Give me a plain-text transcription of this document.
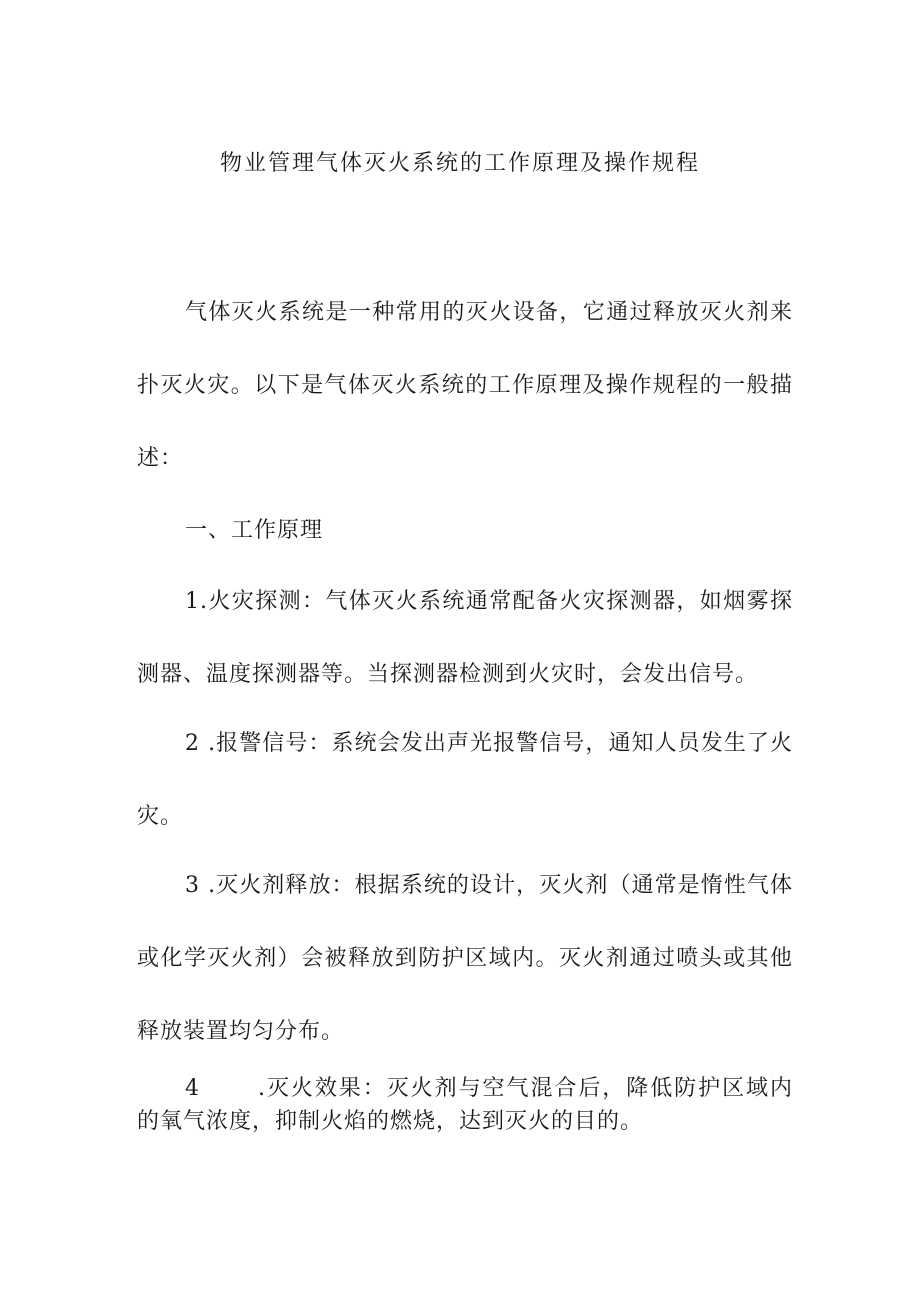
物业管理气体灭火系统的工作原理及操作规程

气体灭火系统是一种常用的灭火设备，它通过释放灭火剂来扑灭火灾。以下是气体灭火系统的工作原理及操作规程的一般描述：

一、工作原理

1.火灾探测：气体灭火系统通常配备火灾探测器，如烟雾探测器、温度探测器等。当探测器检测到火灾时，会发出信号。

2 .报警信号：系统会发出声光报警信号，通知人员发生了火灾。

3 .灭火剂释放：根据系统的设计，灭火剂（通常是惰性气体或化学灭火剂）会被释放到防护区域内。灭火剂通过喷头或其他释放装置均匀分布。

4	.灭火效果：灭火剂与空气混合后，降低防护区域内的氧气浓度，抑制火焰的燃烧，达到灭火的目的。
